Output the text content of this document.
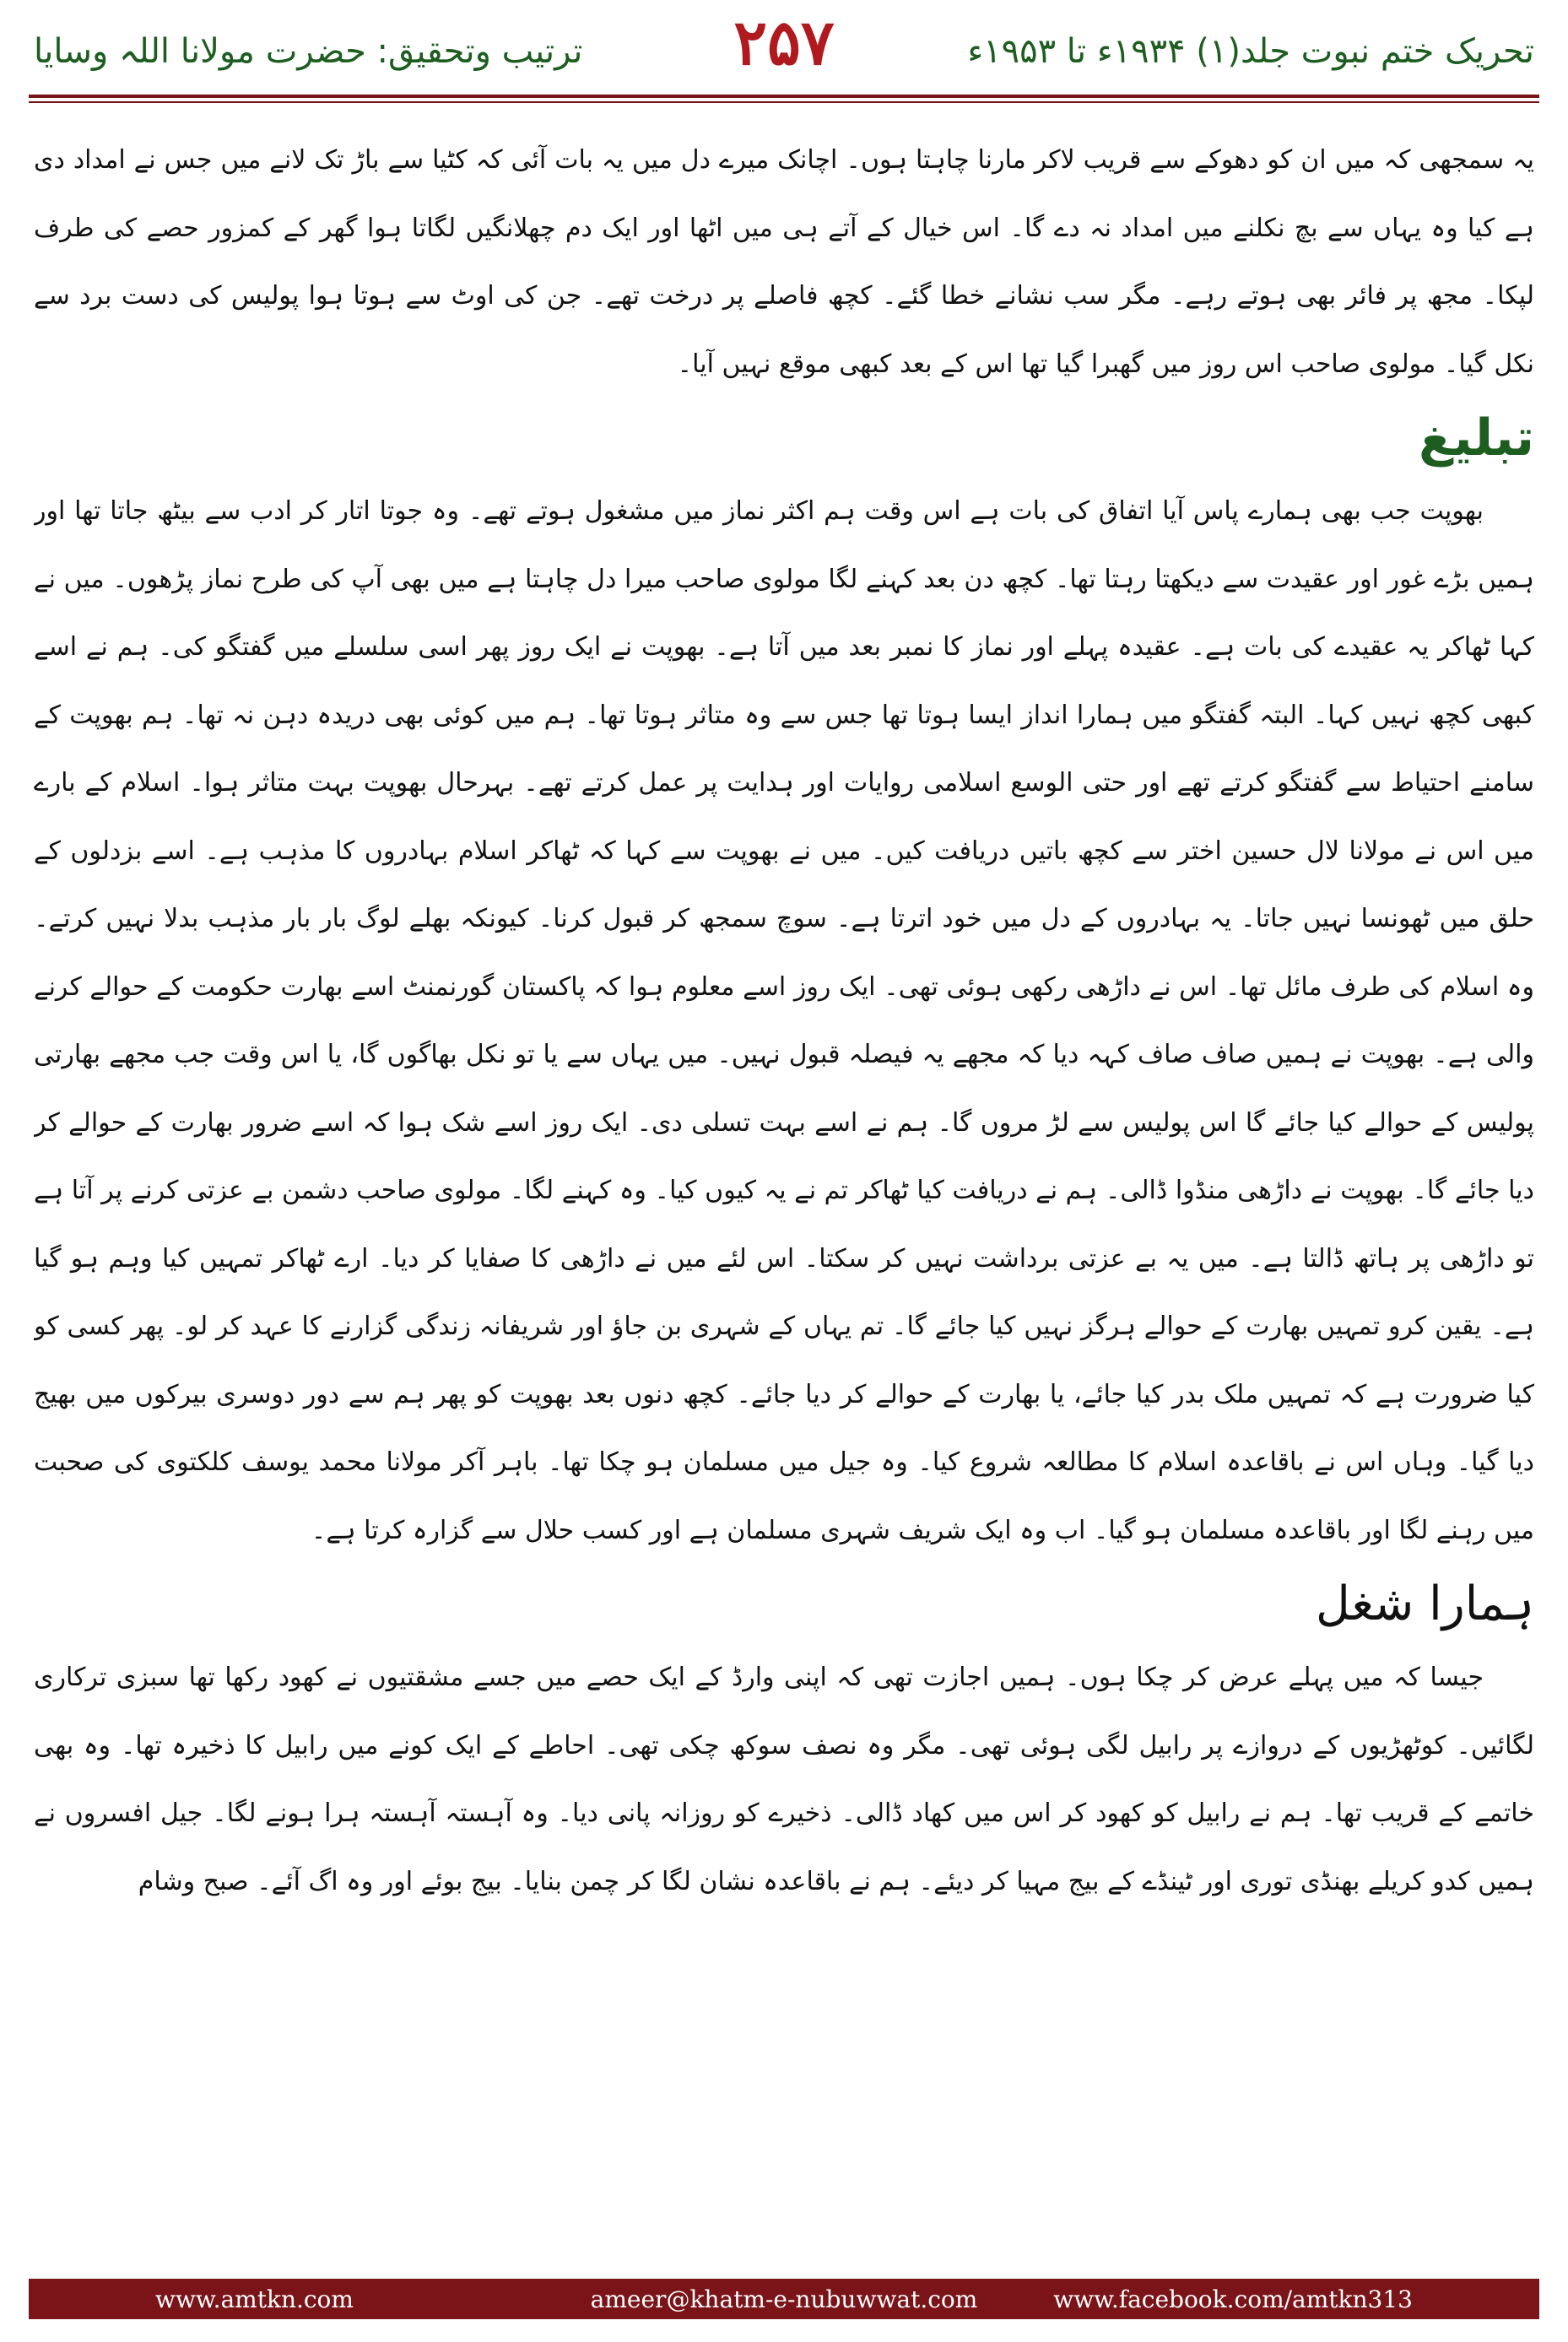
ترتیب وتحقیق: حضرت مولانا اللہ وسایا	۲۵۷	تحریک ختم نبوت جلد(۱) ۱۹۳۴ء تا ۱۹۵۳ء

یہ سمجھی کہ میں ان کو دھوکے سے قریب لاکر مارنا چاہتا ہوں۔ اچانک میرے دل میں یہ بات آئی کہ کٹیا سے باڑ تک لانے میں جس نے امداد دی ہے کیا وہ یہاں سے بچ نکلنے میں امداد نہ دے گا۔ اس خیال کے آتے ہی میں اٹھا اور ایک دم چھلانگیں لگاتا ہوا گھر کے کمزور حصے کی طرف لپکا۔ مجھ پر فائر بھی ہوتے رہے۔ مگر سب نشانے خطا گئے۔ کچھ فاصلے پر درخت تھے۔ جن کی اوٹ سے ہوتا ہوا پولیس کی دست برد سے نکل گیا۔ مولوی صاحب اس روز میں گھبرا گیا تھا اس کے بعد کبھی موقع نہیں آیا۔

تبلیغ

بھوپت جب بھی ہمارے پاس آیا اتفاق کی بات ہے اس وقت ہم اکثر نماز میں مشغول ہوتے تھے۔ وہ جوتا اتار کر ادب سے بیٹھ جاتا تھا اور ہمیں بڑے غور اور عقیدت سے دیکھتا رہتا تھا۔ کچھ دن بعد کہنے لگا مولوی صاحب میرا دل چاہتا ہے میں بھی آپ کی طرح نماز پڑھوں۔ میں نے کہا ٹھاکر یہ عقیدے کی بات ہے۔ عقیدہ پہلے اور نماز کا نمبر بعد میں آتا ہے۔ بھوپت نے ایک روز پھر اسی سلسلے میں گفتگو کی۔ ہم نے اسے کبھی کچھ نہیں کہا۔ البتہ گفتگو میں ہمارا انداز ایسا ہوتا تھا جس سے وہ متاثر ہوتا تھا۔ ہم میں کوئی بھی دریدہ دہن نہ تھا۔ ہم بھوپت کے سامنے احتیاط سے گفتگو کرتے تھے اور حتی الوسع اسلامی روایات اور ہدایت پر عمل کرتے تھے۔ بہرحال بھوپت بہت متاثر ہوا۔ اسلام کے بارے میں اس نے مولانا لال حسین اختر سے کچھ باتیں دریافت کیں۔ میں نے بھوپت سے کہا کہ ٹھاکر اسلام بہادروں کا مذہب ہے۔ اسے بزدلوں کے حلق میں ٹھونسا نہیں جاتا۔ یہ بہادروں کے دل میں خود اترتا ہے۔ سوچ سمجھ کر قبول کرنا۔ کیونکہ بھلے لوگ بار بار مذہب بدلا نہیں کرتے۔ وہ اسلام کی طرف مائل تھا۔ اس نے داڑھی رکھی ہوئی تھی۔ ایک روز اسے معلوم ہوا کہ پاکستان گورنمنٹ اسے بھارت حکومت کے حوالے کرنے والی ہے۔ بھوپت نے ہمیں صاف صاف کہہ دیا کہ مجھے یہ فیصلہ قبول نہیں۔ میں یہاں سے یا تو نکل بھاگوں گا، یا اس وقت جب مجھے بھارتی پولیس کے حوالے کیا جائے گا اس پولیس سے لڑ مروں گا۔ ہم نے اسے بہت تسلی دی۔ ایک روز اسے شک ہوا کہ اسے ضرور بھارت کے حوالے کر دیا جائے گا۔ بھوپت نے داڑھی منڈوا ڈالی۔ ہم نے دریافت کیا ٹھاکر تم نے یہ کیوں کیا۔ وہ کہنے لگا۔ مولوی صاحب دشمن بے عزتی کرنے پر آتا ہے تو داڑھی پر ہاتھ ڈالتا ہے۔ میں یہ بے عزتی برداشت نہیں کر سکتا۔ اس لئے میں نے داڑھی کا صفایا کر دیا۔ ارے ٹھاکر تمہیں کیا وہم ہو گیا ہے۔ یقین کرو تمہیں بھارت کے حوالے ہرگز نہیں کیا جائے گا۔ تم یہاں کے شہری بن جاؤ اور شریفانہ زندگی گزارنے کا عہد کر لو۔ پھر کسی کو کیا ضرورت ہے کہ تمہیں ملک بدر کیا جائے، یا بھارت کے حوالے کر دیا جائے۔ کچھ دنوں بعد بھوپت کو پھر ہم سے دور دوسری بیرکوں میں بھیج دیا گیا۔ وہاں اس نے باقاعدہ اسلام کا مطالعہ شروع کیا۔ وہ جیل میں مسلمان ہو چکا تھا۔ باہر آکر مولانا محمد یوسف کلکتوی کی صحبت میں رہنے لگا اور باقاعدہ مسلمان ہو گیا۔ اب وہ ایک شریف شہری مسلمان ہے اور کسب حلال سے گزارہ کرتا ہے۔

ہمارا شغل

جیسا کہ میں پہلے عرض کر چکا ہوں۔ ہمیں اجازت تھی کہ اپنی وارڈ کے ایک حصے میں جسے مشقتیوں نے کھود رکھا تھا سبزی ترکاری لگائیں۔ کوٹھڑیوں کے دروازے پر رابیل لگی ہوئی تھی۔ مگر وہ نصف سوکھ چکی تھی۔ احاطے کے ایک کونے میں رابیل کا ذخیرہ تھا۔ وہ بھی خاتمے کے قریب تھا۔ ہم نے رابیل کو کھود کر اس میں کھاد ڈالی۔ ذخیرے کو روزانہ پانی دیا۔ وہ آہستہ آہستہ ہرا ہونے لگا۔ جیل افسروں نے ہمیں کدو کریلے بھنڈی توری اور ٹینڈے کے بیج مہیا کر دیئے۔ ہم نے باقاعدہ نشان لگا کر چمن بنایا۔ بیج بوئے اور وہ اگ آئے۔ صبح وشام

www.amtkn.com	ameer@khatm-e-nubuwwat.com	www.facebook.com/amtkn313
